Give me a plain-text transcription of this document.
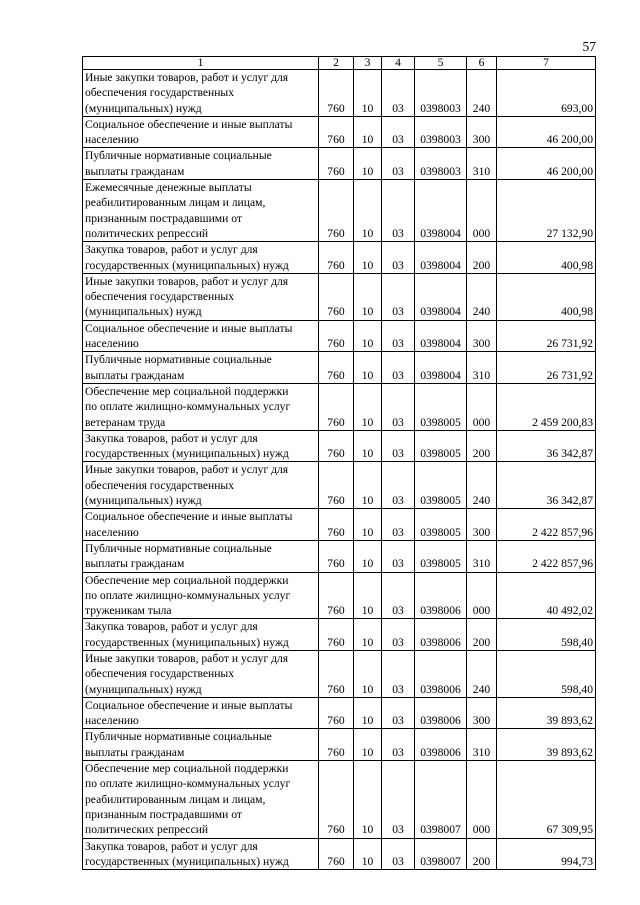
57
1	2	3	4	5	6	7

Иные закупки товаров, работ и услуг для
обеспечения государственных
(муниципальных) нужд	760	10	03	0398003	240	693,00

Социальное обеспечение и иные выплаты
населению	760	10	03	0398003	300	46 200,00

Публичные нормативные социальные
выплаты гражданам	760	10	03	0398003	310	46 200,00

Ежемесячные денежные выплаты
реабилитированным лицам и лицам,
признанным пострадавшими от
политических репрессий	760	10	03	0398004	000	27 132,90

Закупка товаров, работ и услуг для
государственных (муниципальных) нужд	760	10	03	0398004	200	400,98

Иные закупки товаров, работ и услуг для
обеспечения государственных
(муниципальных) нужд	760	10	03	0398004	240	400,98

Социальное обеспечение и иные выплаты
населению	760	10	03	0398004	300	26 731,92

Публичные нормативные социальные
выплаты гражданам	760	10	03	0398004	310	26 731,92

Обеспечение мер социальной поддержки
по оплате жилищно-коммунальных услуг
ветеранам труда	760	10	03	0398005	000	2 459 200,83

Закупка товаров, работ и услуг для
государственных (муниципальных) нужд	760	10	03	0398005	200	36 342,87

Иные закупки товаров, работ и услуг для
обеспечения государственных
(муниципальных) нужд	760	10	03	0398005	240	36 342,87

Социальное обеспечение и иные выплаты
населению	760	10	03	0398005	300	2 422 857,96

Публичные нормативные социальные
выплаты гражданам	760	10	03	0398005	310	2 422 857,96

Обеспечение мер социальной поддержки
по оплате жилищно-коммунальных услуг
труженикам тыла	760	10	03	0398006	000	40 492,02

Закупка товаров, работ и услуг для
государственных (муниципальных) нужд	760	10	03	0398006	200	598,40

Иные закупки товаров, работ и услуг для
обеспечения государственных
(муниципальных) нужд	760	10	03	0398006	240	598,40

Социальное обеспечение и иные выплаты
населению	760	10	03	0398006	300	39 893,62

Публичные нормативные социальные
выплаты гражданам	760	10	03	0398006	310	39 893,62

Обеспечение мер социальной поддержки
по оплате жилищно-коммунальных услуг
реабилитированным лицам и лицам,
признанным пострадавшими от
политических репрессий	760	10	03	0398007	000	67 309,95

Закупка товаров, работ и услуг для
государственных (муниципальных) нужд	760	10	03	0398007	200	994,73
